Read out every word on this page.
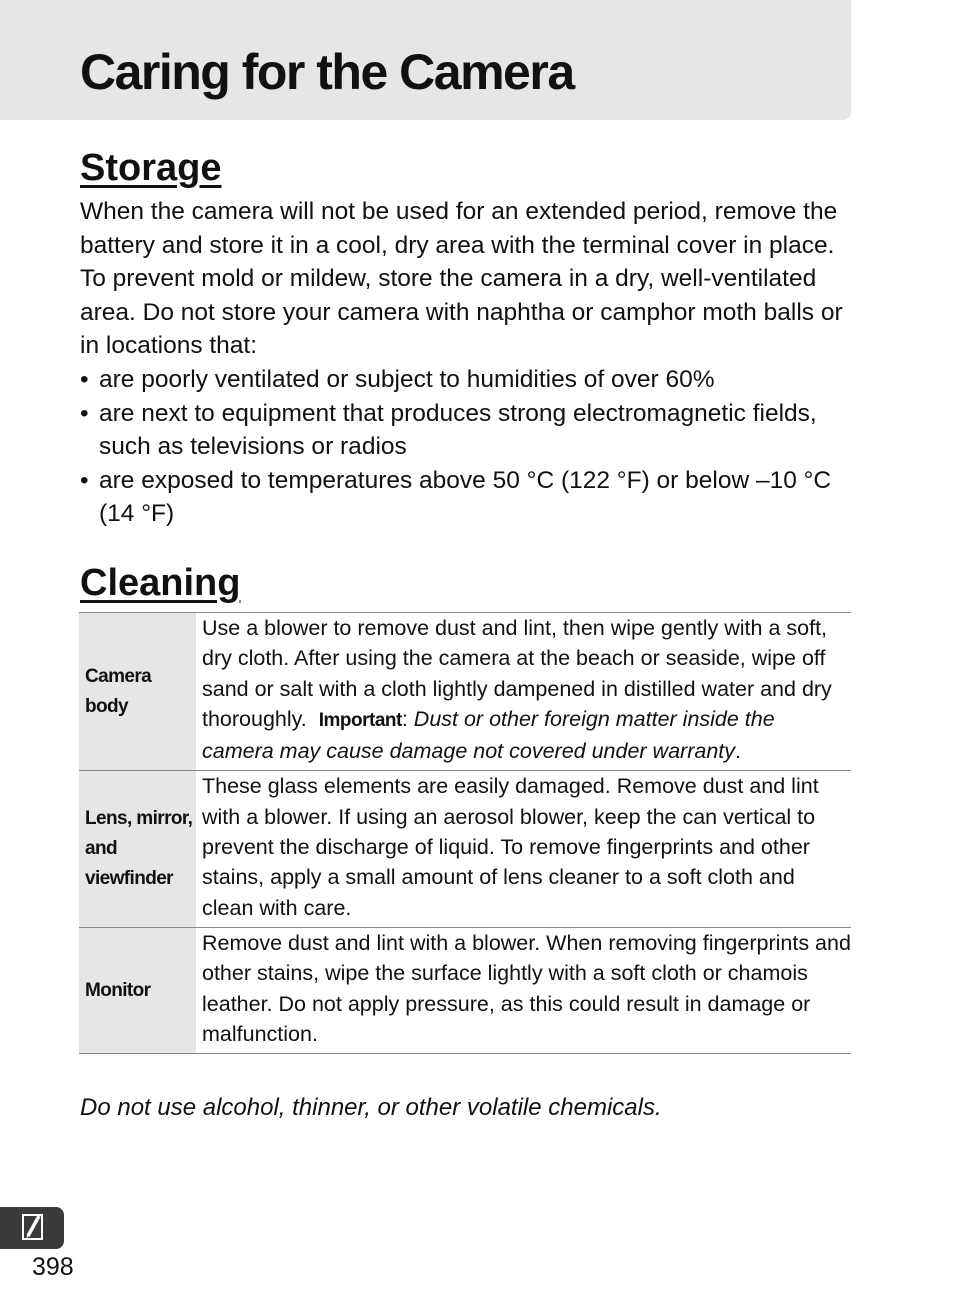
Caring for the Camera
Storage

When the camera will not be used for an extended period, remove the battery and store it in a cool, dry area with the terminal cover in place. To prevent mold or mildew, store the camera in a dry, well-ventilated area. Do not store your camera with naphtha or camphor moth balls or in locations that:

• are poorly ventilated or subject to humidities of over 60%
• are next to equipment that produces strong electromagnetic fields, such as televisions or radios
• are exposed to temperatures above 50 °C (122 °F) or below –10 °C (14 °F)
Cleaning
Camera body	Use a blower to remove dust and lint, then wipe gently with a soft, dry cloth. After using the camera at the beach or seaside, wipe off sand or salt with a cloth lightly dampened in distilled water and dry thoroughly. Important: Dust or other foreign matter inside the camera may cause damage not covered under warranty.
Lens, mirror, and viewfinder	These glass elements are easily damaged. Remove dust and lint with a blower. If using an aerosol blower, keep the can vertical to prevent the discharge of liquid. To remove fingerprints and other stains, apply a small amount of lens cleaner to a soft cloth and clean with care.
Monitor	Remove dust and lint with a blower. When removing fingerprints and other stains, wipe the surface lightly with a soft cloth or chamois leather. Do not apply pressure, as this could result in damage or malfunction.

Do not use alcohol, thinner, or other volatile chemicals.

398
